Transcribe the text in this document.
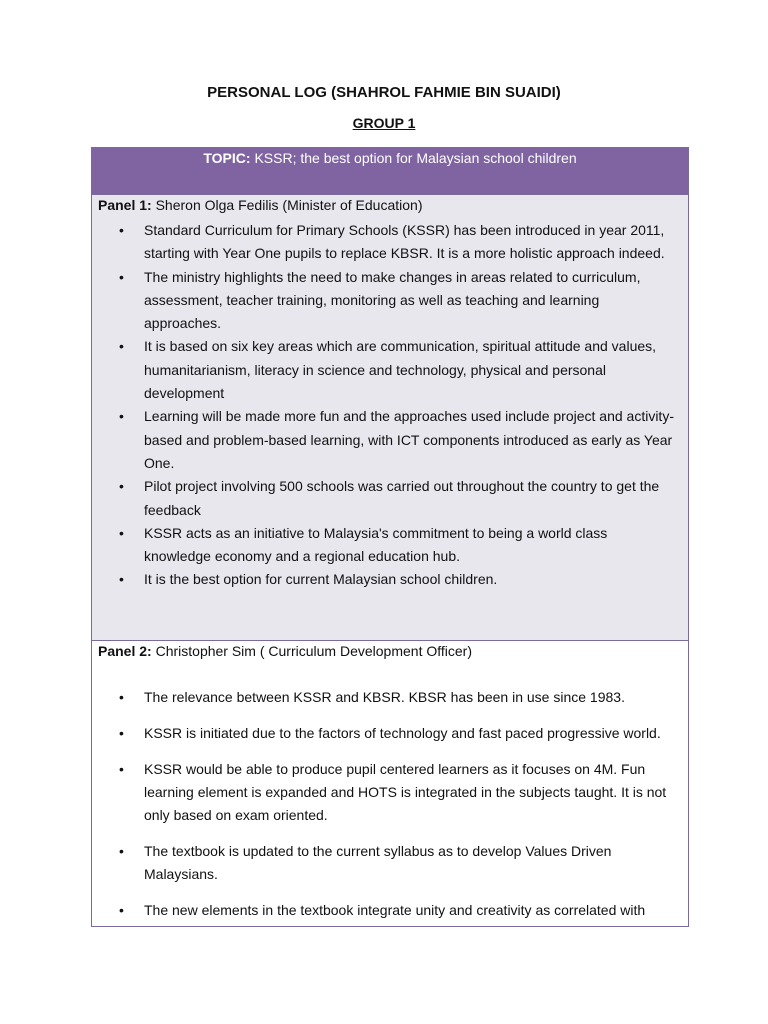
PERSONAL LOG (SHAHROL FAHMIE BIN SUAIDI)
GROUP 1
TOPIC: KSSR; the best option for Malaysian school children
Panel 1: Sheron Olga Fedilis (Minister of Education)
• Standard Curriculum for Primary Schools (KSSR) has been introduced in year 2011, starting with Year One pupils to replace KBSR. It is a more holistic approach indeed.
• The ministry highlights the need to make changes in areas related to curriculum, assessment, teacher training, monitoring as well as teaching and learning approaches.
• It is based on six key areas which are communication, spiritual attitude and values, humanitarianism, literacy in science and technology, physical and personal development
• Learning will be made more fun and the approaches used include project and activity-based and problem-based learning, with ICT components introduced as early as Year One.
• Pilot project involving 500 schools was carried out throughout the country to get the feedback
• KSSR acts as an initiative to Malaysia's commitment to being a world class knowledge economy and a regional education hub.
• It is the best option for current Malaysian school children.
Panel 2: Christopher Sim ( Curriculum Development Officer)
• The relevance between KSSR and KBSR. KBSR has been in use since 1983.
• KSSR is initiated due to the factors of technology and fast paced progressive world.
• KSSR would be able to produce pupil centered learners as it focuses on 4M. Fun learning element is expanded and HOTS is integrated in the subjects taught. It is not only based on exam oriented.
• The textbook is updated to the current syllabus as to develop Values Driven Malaysians.
• The new elements in the textbook integrate unity and creativity as correlated with
